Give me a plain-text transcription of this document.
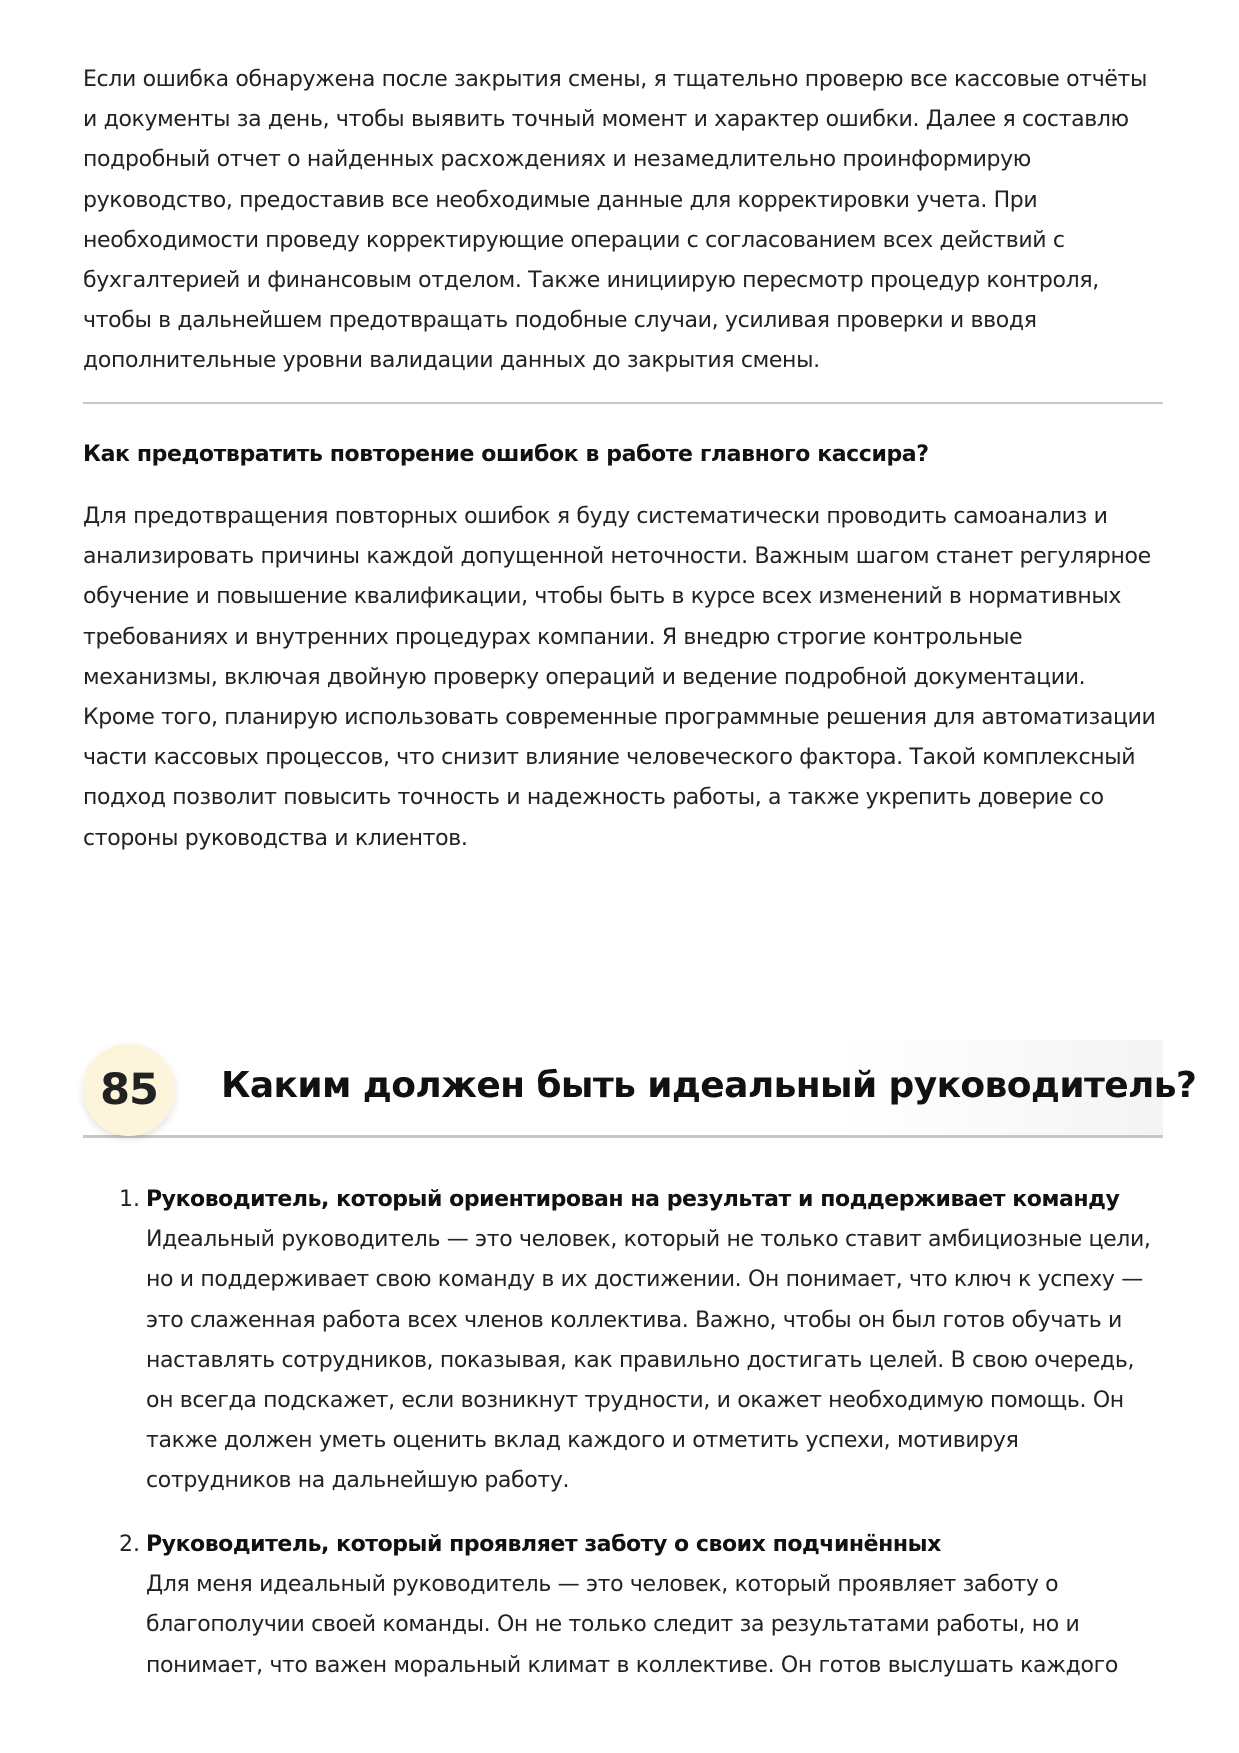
Если ошибка обнаружена после закрытия смены, я тщательно проверю все кассовые отчёты и документы за день, чтобы выявить точный момент и характер ошибки. Далее я составлю подробный отчет о найденных расхождениях и незамедлительно проинформирую руководство, предоставив все необходимые данные для корректировки учета. При необходимости проведу корректирующие операции с согласованием всех действий с бухгалтерией и финансовым отделом. Также инициирую пересмотр процедур контроля, чтобы в дальнейшем предотвращать подобные случаи, усиливая проверки и вводя дополнительные уровни валидации данных до закрытия смены.

Как предотвратить повторение ошибок в работе главного кассира?

Для предотвращения повторных ошибок я буду систематически проводить самоанализ и анализировать причины каждой допущенной неточности. Важным шагом станет регулярное обучение и повышение квалификации, чтобы быть в курсе всех изменений в нормативных требованиях и внутренних процедурах компании. Я внедрю строгие контрольные механизмы, включая двойную проверку операций и ведение подробной документации. Кроме того, планирую использовать современные программные решения для автоматизации части кассовых процессов, что снизит влияние человеческого фактора. Такой комплексный подход позволит повысить точность и надежность работы, а также укрепить доверие со стороны руководства и клиентов.

85	Каким должен быть идеальный руководитель?
1. Руководитель, который ориентирован на результат и поддерживает команду

Идеальный руководитель — это человек, который не только ставит амбициозные цели, но и поддерживает свою команду в их достижении. Он понимает, что ключ к успеху — это слаженная работа всех членов коллектива. Важно, чтобы он был готов обучать и наставлять сотрудников, показывая, как правильно достигать целей. В свою очередь, он всегда подскажет, если возникнут трудности, и окажет необходимую помощь. Он также должен уметь оценить вклад каждого и отметить успехи, мотивируя сотрудников на дальнейшую работу.

2. Руководитель, который проявляет заботу о своих подчинённых

Для меня идеальный руководитель — это человек, который проявляет заботу о благополучии своей команды. Он не только следит за результатами работы, но и понимает, что важен моральный климат в коллективе. Он готов выслушать каждого
